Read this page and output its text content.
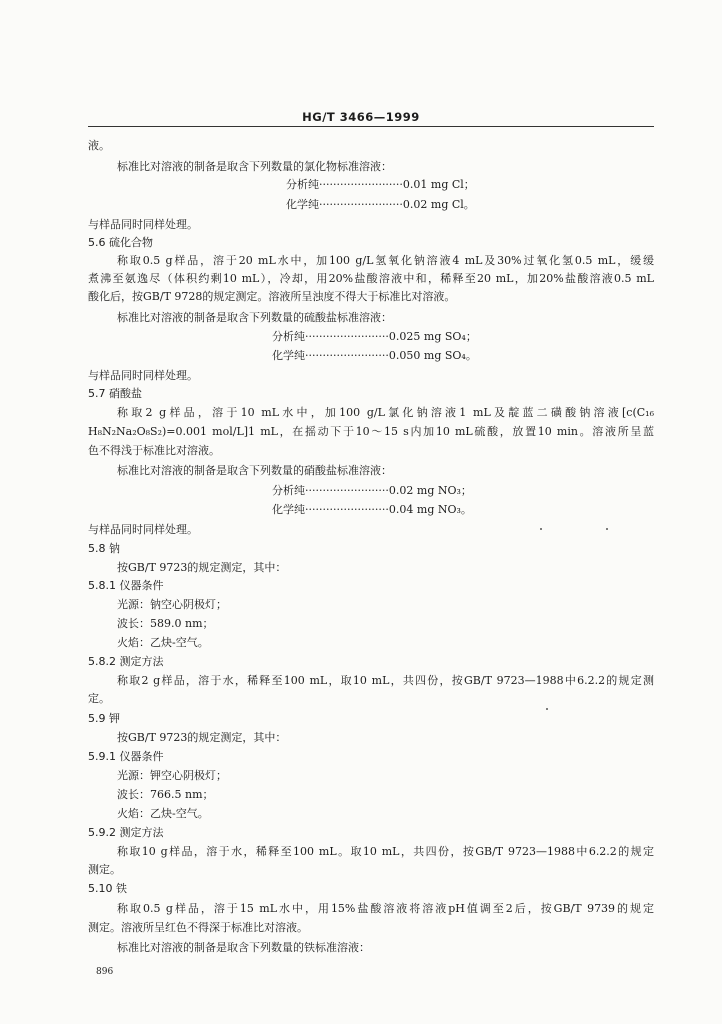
HG/T 3466—1999
液。
标准比对溶液的制备是取含下列数量的氯化物标准溶液：
分析纯························0.01 mg Cl；
化学纯························0.02 mg Cl。
与样品同时同样处理。
5.6 硫化合物
称取0.5 g样品，溶于20 mL水中，加100 g/L氢氧化钠溶液4 mL及30%过氧化氢0.5 mL，缓缓
煮沸至氨逸尽（体积约剩10 mL），冷却，用20%盐酸溶液中和，稀释至20 mL，加20%盐酸溶液0.5 mL
酸化后，按GB/T 9728的规定测定。溶液所呈浊度不得大于标准比对溶液。
标准比对溶液的制备是取含下列数量的硫酸盐标准溶液：
分析纯························0.025 mg SO₄；
化学纯························0.050 mg SO₄。
与样品同时同样处理。
5.7 硝酸盐
称取2 g样品，溶于10 mL水中，加100 g/L氯化钠溶液1 mL及靛蓝二磺酸钠溶液[c(C₁₆
H₈N₂Na₂O₈S₂)=0.001 mol/L]1 mL，在摇动下于10～15 s内加10 mL硫酸，放置10 min。溶液所呈蓝
色不得浅于标准比对溶液。
标准比对溶液的制备是取含下列数量的硝酸盐标准溶液：
分析纯························0.02 mg NO₃；
化学纯························0.04 mg NO₃。
与样品同时同样处理。
5.8 钠
按GB/T 9723的规定测定，其中：
5.8.1 仪器条件
光源：钠空心阴极灯；
波长：589.0 nm；
火焰：乙炔-空气。
5.8.2 测定方法
称取2 g样品，溶于水，稀释至100 mL，取10 mL，共四份，按GB/T 9723—1988中6.2.2的规定测
定。
5.9 钾
按GB/T 9723的规定测定，其中：
5.9.1 仪器条件
光源：钾空心阴极灯；
波长：766.5 nm；
火焰：乙炔-空气。
5.9.2 测定方法
称取10 g样品，溶于水，稀释至100 mL。取10 mL，共四份，按GB/T 9723—1988中6.2.2的规定
测定。
5.10 铁
称取0.5 g样品，溶于15 mL水中，用15%盐酸溶液将溶液pH值调至2后，按GB/T 9739的规定
测定。溶液所呈红色不得深于标准比对溶液。
标准比对溶液的制备是取含下列数量的铁标准溶液：
896
